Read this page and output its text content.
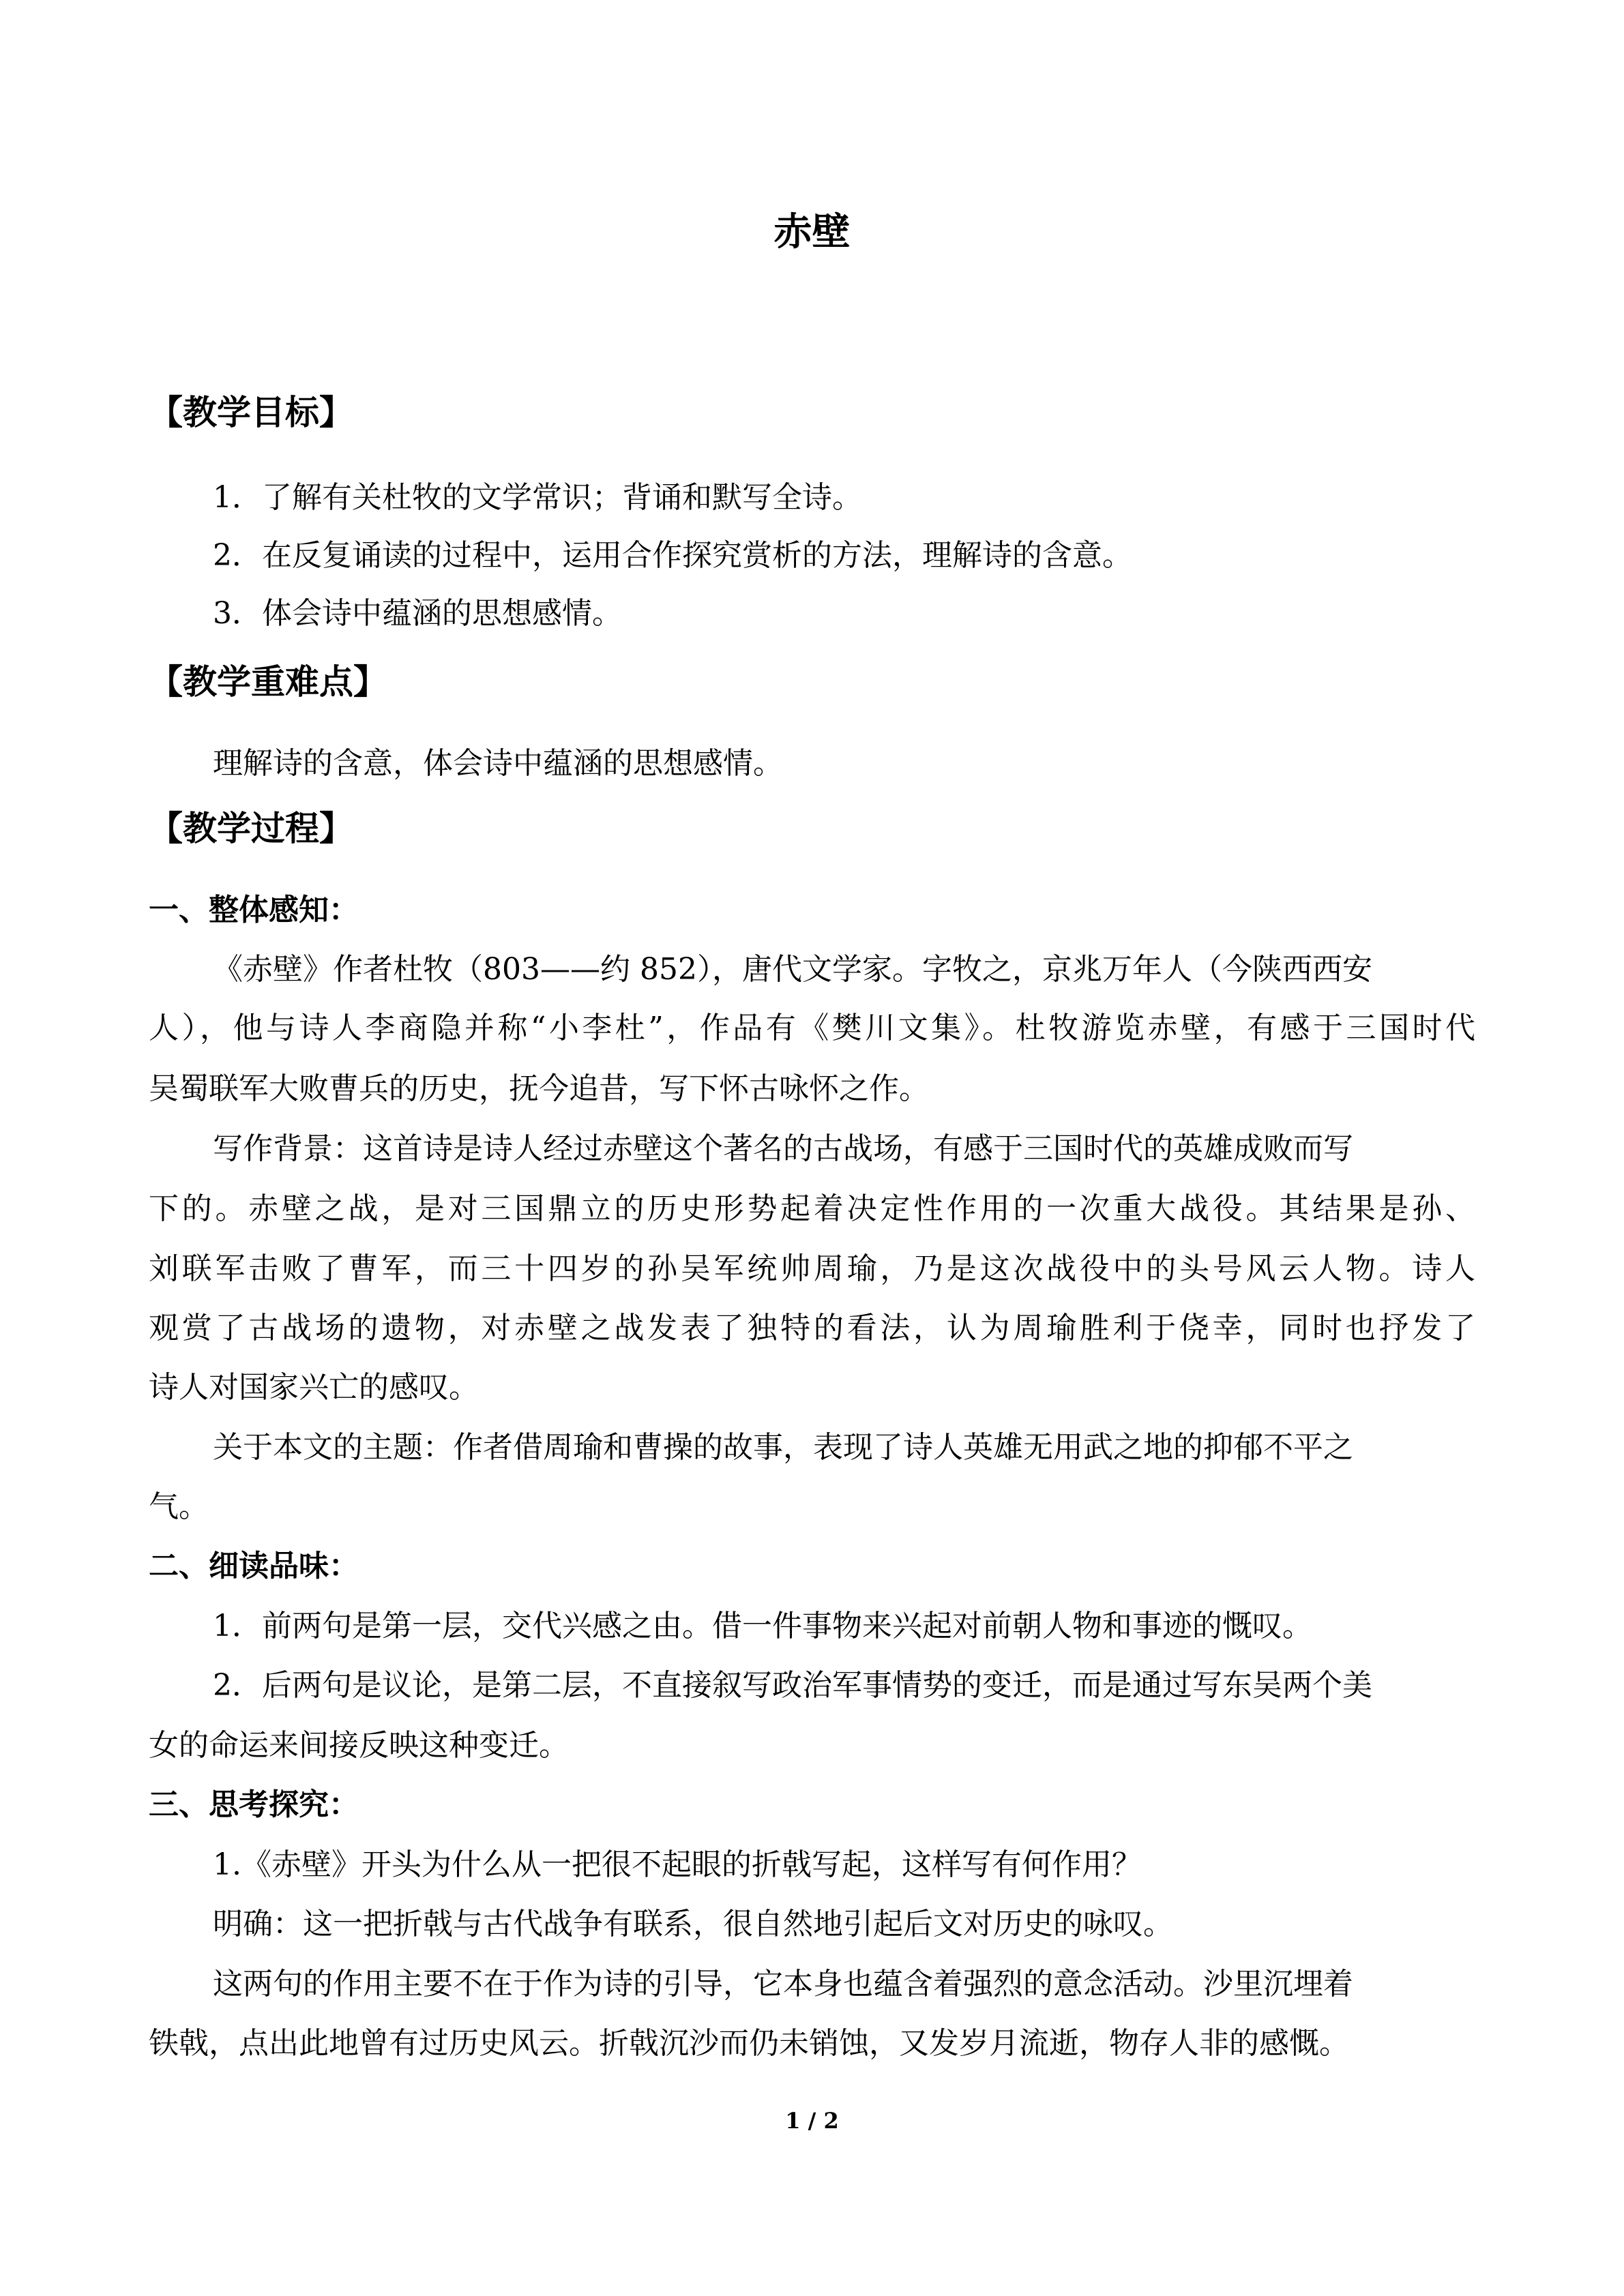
赤壁
【教学目标】
1．了解有关杜牧的文学常识；背诵和默写全诗。
2．在反复诵读的过程中，运用合作探究赏析的方法，理解诗的含意。
3．体会诗中蕴涵的思想感情。
【教学重难点】
理解诗的含意，体会诗中蕴涵的思想感情。
【教学过程】
一、整体感知：
《赤壁》作者杜牧（803——约 852），唐代文学家。字牧之，京兆万年人（今陕西西安
人），他与诗人李商隐并称“小李杜”，作品有《樊川文集》。杜牧游览赤壁，有感于三国时代
吴蜀联军大败曹兵的历史，抚今追昔，写下怀古咏怀之作。
写作背景：这首诗是诗人经过赤壁这个著名的古战场，有感于三国时代的英雄成败而写
下的。赤壁之战，是对三国鼎立的历史形势起着决定性作用的一次重大战役。其结果是孙、
刘联军击败了曹军，而三十四岁的孙吴军统帅周瑜，乃是这次战役中的头号风云人物。诗人
观赏了古战场的遗物，对赤壁之战发表了独特的看法，认为周瑜胜利于侥幸，同时也抒发了
诗人对国家兴亡的感叹。
关于本文的主题：作者借周瑜和曹操的故事，表现了诗人英雄无用武之地的抑郁不平之
气。
二、细读品味：
1．前两句是第一层，交代兴感之由。借一件事物来兴起对前朝人物和事迹的慨叹。
2．后两句是议论，是第二层，不直接叙写政治军事情势的变迁，而是通过写东吴两个美
女的命运来间接反映这种变迁。
三、思考探究：
1.《赤壁》开头为什么从一把很不起眼的折戟写起，这样写有何作用？
明确：这一把折戟与古代战争有联系，很自然地引起后文对历史的咏叹。
这两句的作用主要不在于作为诗的引导，它本身也蕴含着强烈的意念活动。沙里沉埋着
铁戟，点出此地曾有过历史风云。折戟沉沙而仍未销蚀，又发岁月流逝，物存人非的感慨。
1 / 2
